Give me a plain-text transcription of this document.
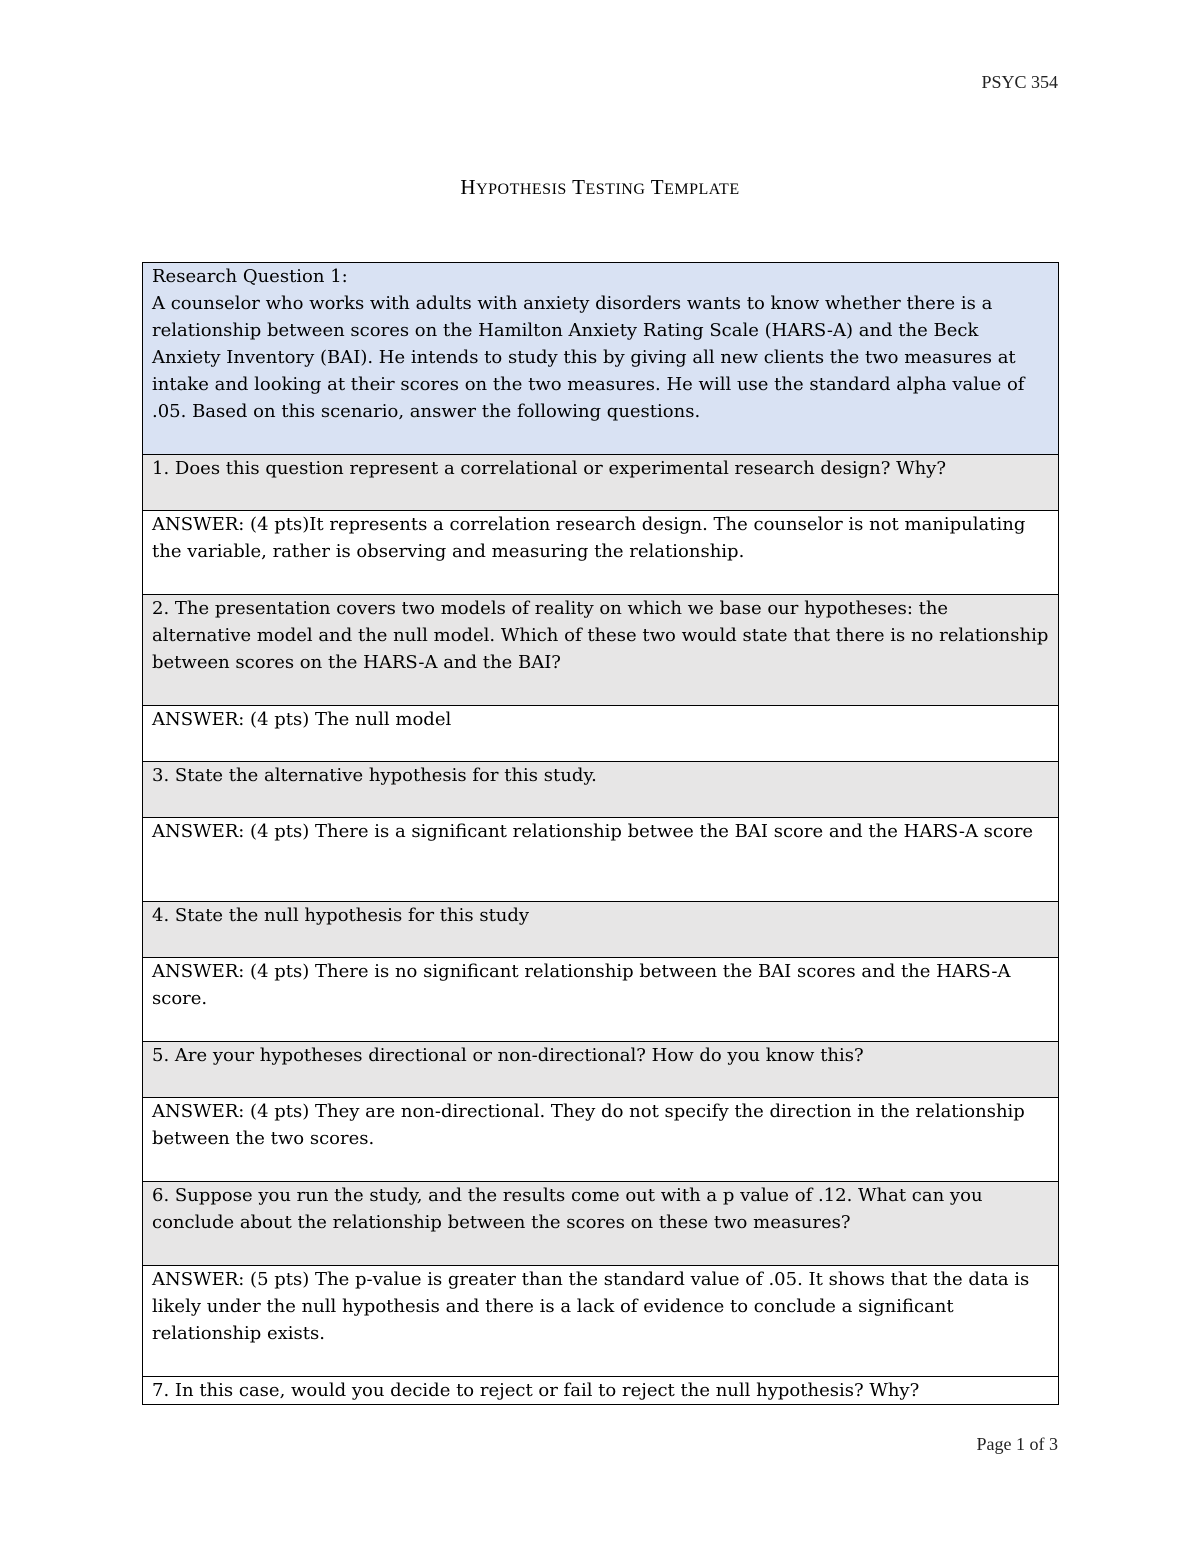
PSYC 354
HYPOTHESIS TESTING TEMPLATE
Research Question 1:
A counselor who works with adults with anxiety disorders wants to know whether there is a relationship between scores on the Hamilton Anxiety Rating Scale (HARS-A) and the Beck Anxiety Inventory (BAI). He intends to study this by giving all new clients the two measures at intake and looking at their scores on the two measures. He will use the standard alpha value of .05. Based on this scenario, answer the following questions.

1. Does this question represent a correlational or experimental research design? Why?
ANSWER: (4 pts)It represents a correlation research design. The counselor is not manipulating the variable, rather is observing and measuring the relationship.
2. The presentation covers two models of reality on which we base our hypotheses: the alternative model and the null model. Which of these two would state that there is no relationship between scores on the HARS-A and the BAI?
ANSWER: (4 pts) The null model
3. State the alternative hypothesis for this study.
ANSWER: (4 pts) There is a significant relationship betwee the BAI score and the HARS-A score
4. State the null hypothesis for this study
ANSWER: (4 pts) There is no significant relationship between the BAI scores and the HARS-A score.
5. Are your hypotheses directional or non-directional? How do you know this?
ANSWER: (4 pts) They are non-directional. They do not specify the direction in the relationship between the two scores.
6. Suppose you run the study, and the results come out with a p value of .12. What can you conclude about the relationship between the scores on these two measures?
ANSWER: (5 pts) The p-value is greater than the standard value of .05. It shows that the data is likely under the null hypothesis and there is a lack of evidence to conclude a significant relationship exists.
7. In this case, would you decide to reject or fail to reject the null hypothesis? Why?
Page 1 of 3
